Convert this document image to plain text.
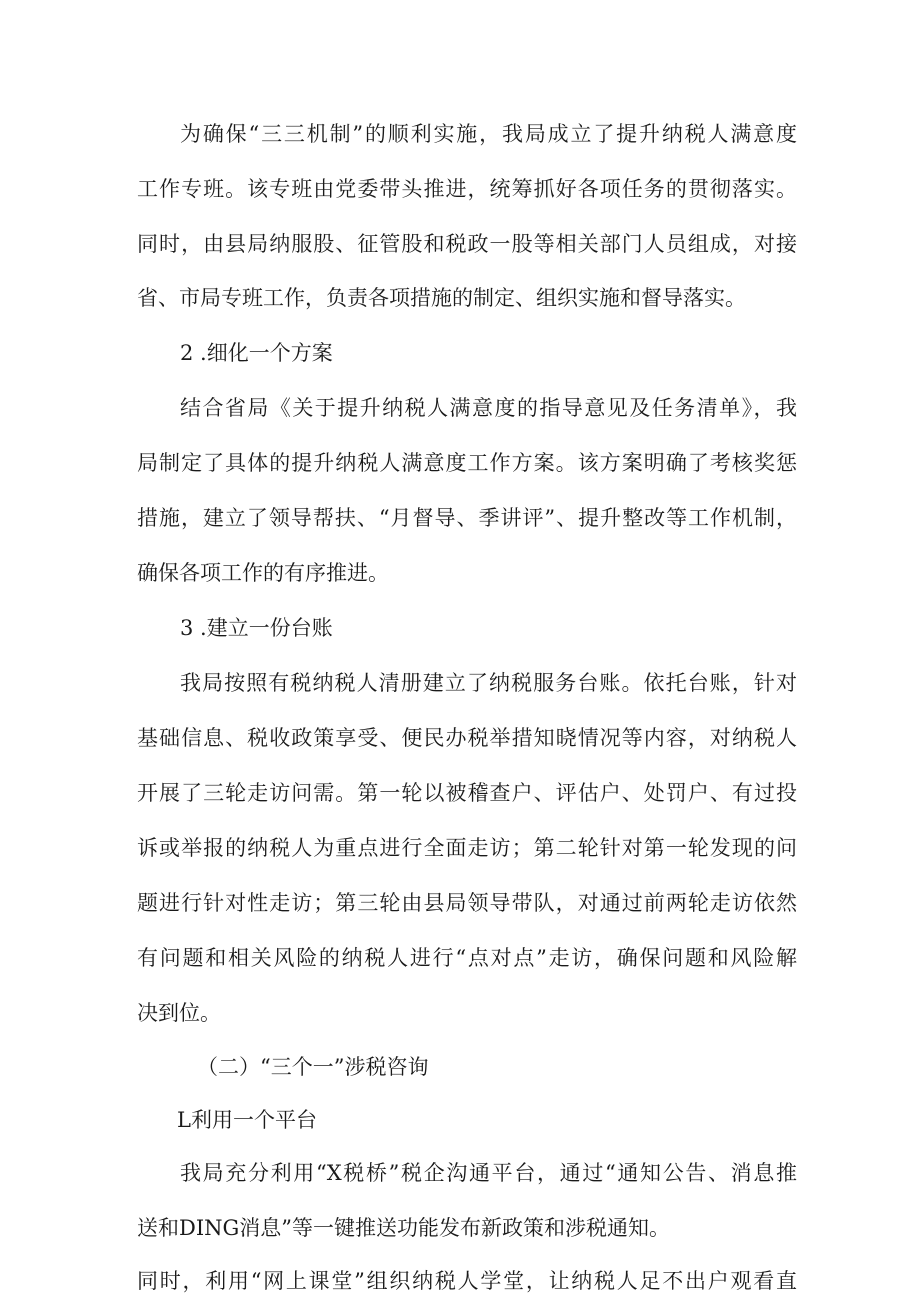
为确保“三三机制”的顺利实施，我局成立了提升纳税人满意度
工作专班。该专班由党委带头推进，统筹抓好各项任务的贯彻落实。
同时，由县局纳服股、征管股和税政一股等相关部门人员组成，对接
省、市局专班工作，负责各项措施的制定、组织实施和督导落实。
2 .细化一个方案
结合省局《关于提升纳税人满意度的指导意见及任务清单》，我
局制定了具体的提升纳税人满意度工作方案。该方案明确了考核奖惩
措施，建立了领导帮扶、“月督导、季讲评”、提升整改等工作机制，
确保各项工作的有序推进。
3 .建立一份台账
我局按照有税纳税人清册建立了纳税服务台账。依托台账，针对
基础信息、税收政策享受、便民办税举措知晓情况等内容，对纳税人
开展了三轮走访问需。第一轮以被稽查户、评估户、处罚户、有过投
诉或举报的纳税人为重点进行全面走访；第二轮针对第一轮发现的问
题进行针对性走访；第三轮由县局领导带队，对通过前两轮走访依然
有问题和相关风险的纳税人进行“点对点”走访，确保问题和风险解
决到位。
（二）“三个一”涉税咨询
L利用一个平台
我局充分利用“X税桥”税企沟通平台，通过“通知公告、消息推
送和DING消息”等一键推送功能发布新政策和涉税通知。
同时，利用“网上课堂”组织纳税人学堂，让纳税人足不出户观看直
